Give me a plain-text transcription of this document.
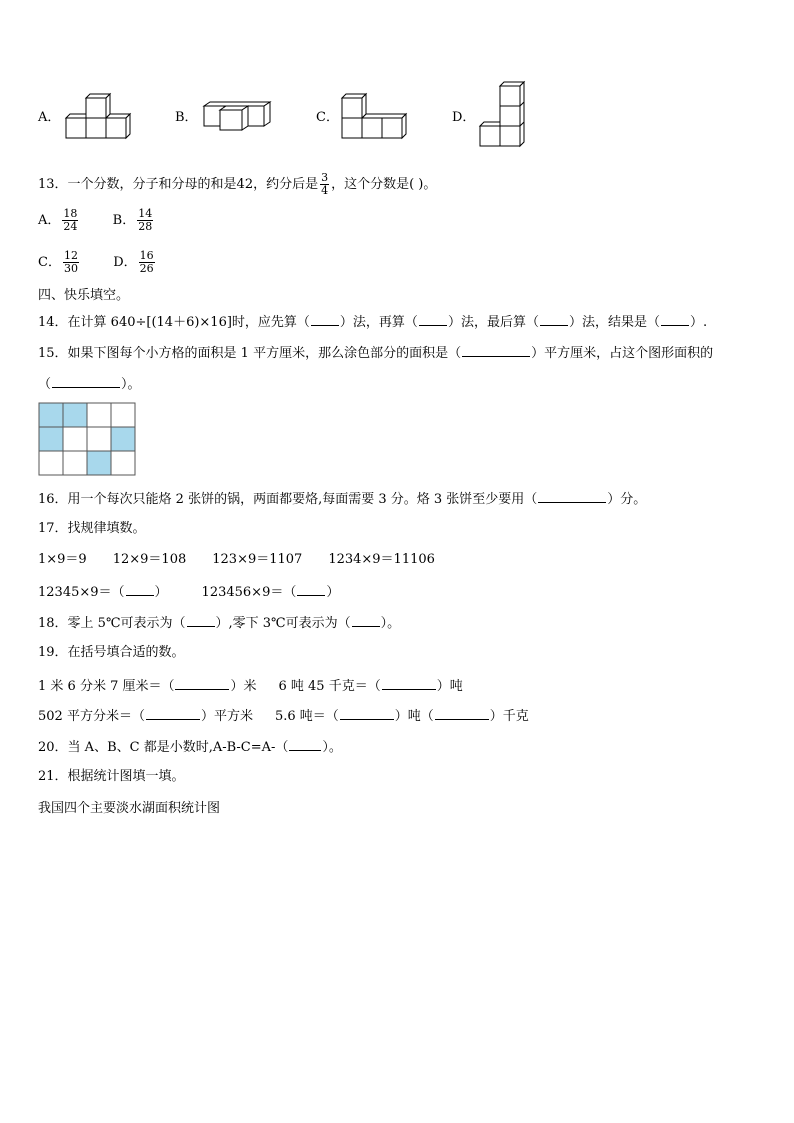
A．	B．	C．	D．
13．一个分数，分子和分母的和是42，约分后是 $\frac{3}{4}$ ，这个分数是( )。
A． $\frac{18}{24}$	B． $\frac{14}{28}$
C． $\frac{12}{30}$	D． $\frac{16}{26}$
四、快乐填空。
14．在计算 640÷[(14＋6)×16]时，应先算（ ）法，再算（ ）法，最后算（ ）法，结果是（ ）.
15．如果下图每个小方格的面积是 1 平方厘米，那么涂色部分的面积是（	）平方厘米，占这个图形面积的
（	）。
16．用一个每次只能烙 2 张饼的锅，两面都要烙,每面需要 3 分。烙 3 张饼至少要用（	）分。
17．找规律填数。
1×9＝9 12×9＝108 123×9＝1107 1234×9＝11106
12345×9＝（ ）	123456×9＝（ ）
18．零上 5℃可表示为（ ）,零下 3℃可表示为（ ）。
19．在括号填合适的数。
1 米 6 分米 7 厘米＝（	）米 6 吨 45 千克＝（	）吨
502 平方分米＝（	）平方米 5.6 吨＝（	）吨（	）千克
20．当 A、B、C 都是小数时,A-B-C=A-（	）。
21．根据统计图填一填。
我国四个主要淡水湖面积统计图
